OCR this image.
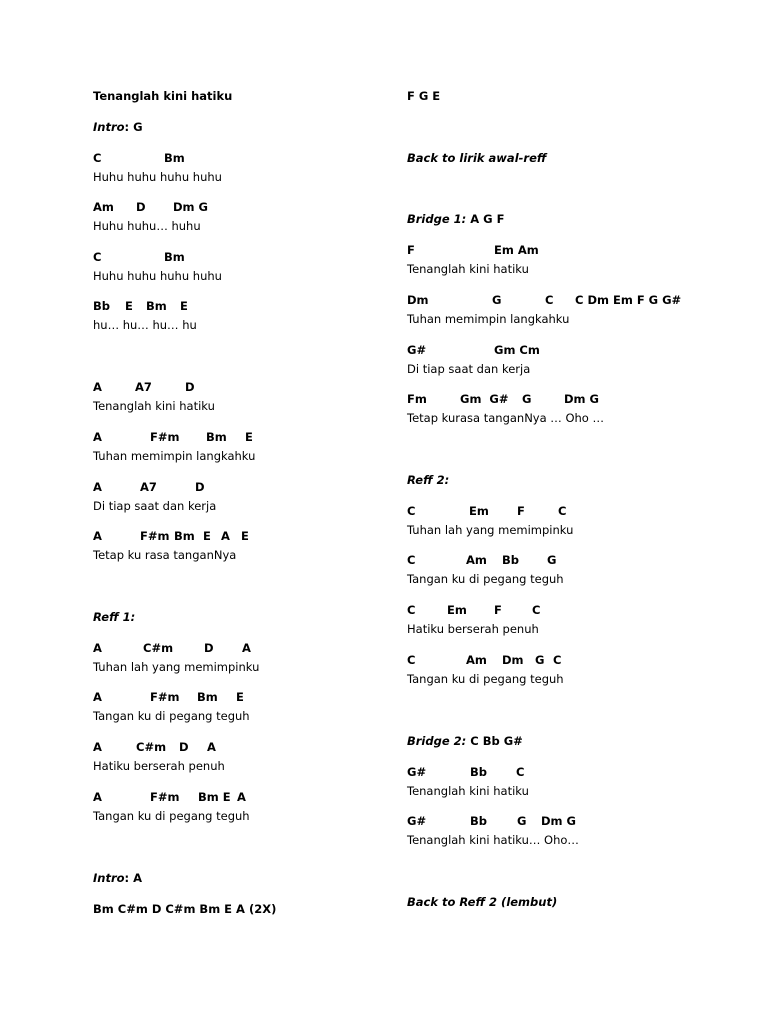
Tenanglah kini hatiku
Intro: G

C

	Bm

Huhu huhu huhu huhu

Am

D

Dm G

Huhu huhu… huhu

C

	Bm

Huhu huhu huhu huhu

Bb

E

Bm

E

hu… hu… hu… hu

A

	A7

	D

Tenanglah kini hatiku

A

	F#m

Bm

E

Tuhan memimpin langkahku

A

	A7

	D

Di tiap saat dan kerja

A

	F#m

Bm

E

A

E

Tetap ku rasa tanganNya
Reff 1:

A

	C#m

	D

A

Tuhan lah yang memimpinku

A

	F#m

Bm

E

Tangan ku di pegang teguh

A

	C#m

D

A

Hatiku berserah penuh

A

	F#m

Bm E

A

Tangan ku di pegang teguh
Intro: A
Bm C#m D C#m Bm E A (2X)
F G E
Back to lirik awal-reff
Bridge 1: A G F

F

	Em Am

Tenanglah kini hatiku

Dm

	G

	C

C Dm Em F G G#

Tuhan memimpin langkahku

G#

	Gm Cm

Di tiap saat dan kerja

Fm

	Gm  G#

G

	Dm G

Tetap kurasa tanganNya … Oho …
Reff 2:

C

	Em

F

	C

Tuhan lah yang memimpinku

C

	Am

Bb

G

Tangan ku di pegang teguh

C

	Em

F

	C

Hatiku berserah penuh

C

	Am

Dm

G

C

Tangan ku di pegang teguh
Bridge 2: C Bb G#

G#

	Bb

	C

Tenanglah kini hatiku

G#

	Bb

	G

Dm G

Tenanglah kini hatiku… Oho…
Back to Reff 2 (lembut)
